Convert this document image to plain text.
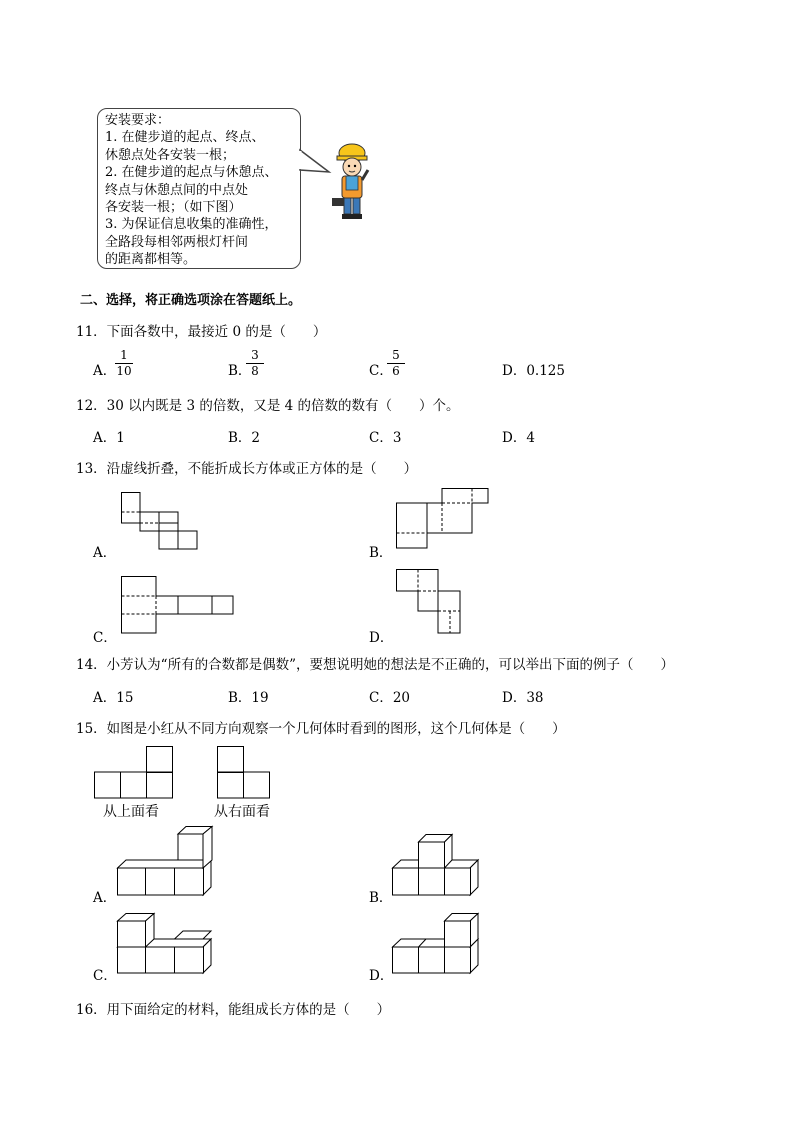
安装要求：
1. 在健步道的起点、终点、
休憩点处各安装一根；
2. 在健步道的起点与休憩点、
终点与休憩点间的中点处
各安装一根；（如下图）
3. 为保证信息收集的准确性，
全路段每相邻两根灯杆间
的距离都相等。
二、选择，将正确选项涂在答题纸上。
11．下面各数中，最接近 0 的是（　　）
A．
1
10	B．
3
8	C．
5
6	D．0.125
12．30 以内既是 3 的倍数，又是 4 的倍数的数有（　　）个。
A．1	B．2	C．3	D．4
13．沿虚线折叠，不能折成长方体或正方体的是（　　）
A．	B．
C．	D．
14．小芳认为“所有的合数都是偶数”，要想说明她的想法是不正确的，可以举出下面的例子（　　）
A．15	B．19	C．20	D．38
15．如图是小红从不同方向观察一个几何体时看到的图形，这个几何体是（　　）
从上面看	从右面看
A．	B．
C．	D．
16．用下面给定的材料，能组成长方体的是（　　）
